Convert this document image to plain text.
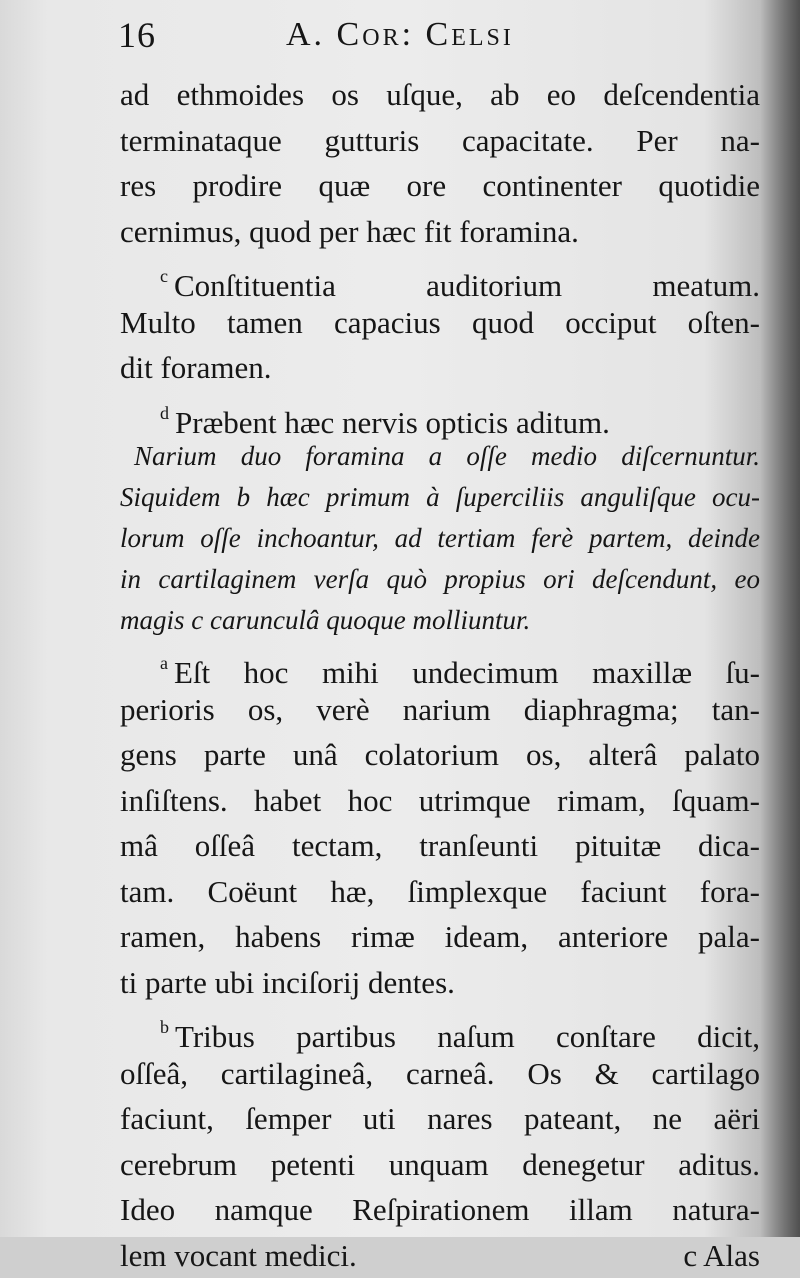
16	A. Cor: Celsi
ad ethmoides os uſque, ab eo deſcendentia
terminataque gutturis capacitate. Per na-
res prodire quæ ore continenter quotidie
cernimus, quod per hæc fit foramina.
$^c$ Conſtituentia auditorium meatum.
Multo tamen capacius quod occiput oſten-
dit foramen.
$^d$ Præbent hæc nervis opticis aditum.
Narium duo foramina a oſſe medio diſcernuntur.
Siquidem b hæc primum à ſuperciliis anguliſque ocu-
lorum oſſe inchoantur, ad tertiam ferè partem, deinde
in cartilaginem verſa quò propius ori deſcendunt, eo
magis c carunculâ quoque molliuntur.
$^a$ Eſt hoc mihi undecimum maxillæ ſu-
perioris os, verè narium diaphragma; tan-
gens parte unâ colatorium os, alterâ palato
inſiſtens. habet hoc utrimque rimam, ſquam-
mâ oſſeâ tectam, tranſeunti pituitæ dica-
tam. Coëunt hæ, ſimplexque faciunt fora-
ramen, habens rimæ ideam, anteriore pala-
ti parte ubi inciſorij dentes.
$^b$ Tribus partibus naſum conſtare dicit,
oſſeâ, cartilagineâ, carneâ. Os & cartilago
faciunt, ſemper uti nares pateant, ne aëri
cerebrum petenti unquam denegetur aditus.
Ideo namque Reſpirationem illam natura-
lem vocant medici.	c Alas
